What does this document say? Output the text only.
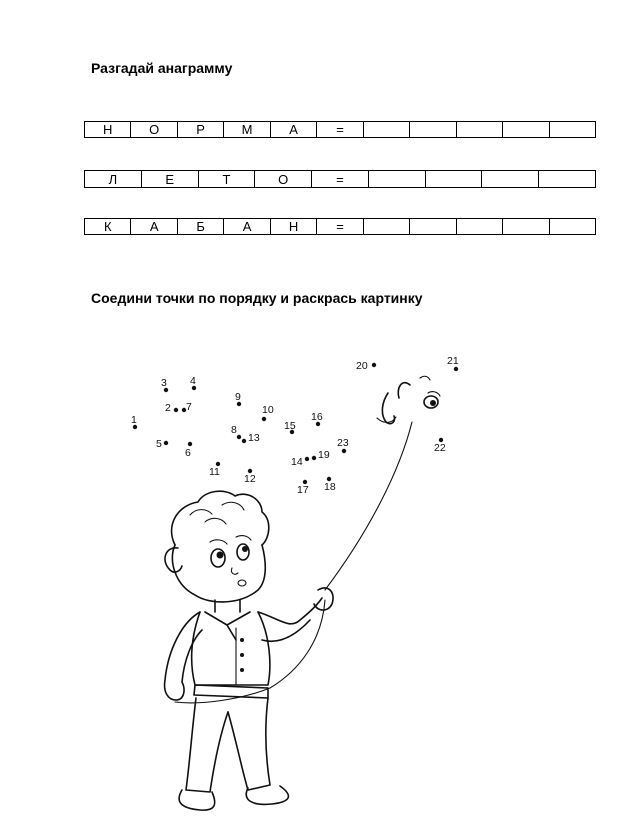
Разгадай анаграмму
Н	О	Р	М	А	=					
Л	Е	Т	О	=				
К	А	Б	А	Н	=					
Соедини точки по порядку и раскрась картинку
1
2
3 4
5
6
7
8
9
10
11
12
13
14
15
16
17 18
19
20	21
22
23
